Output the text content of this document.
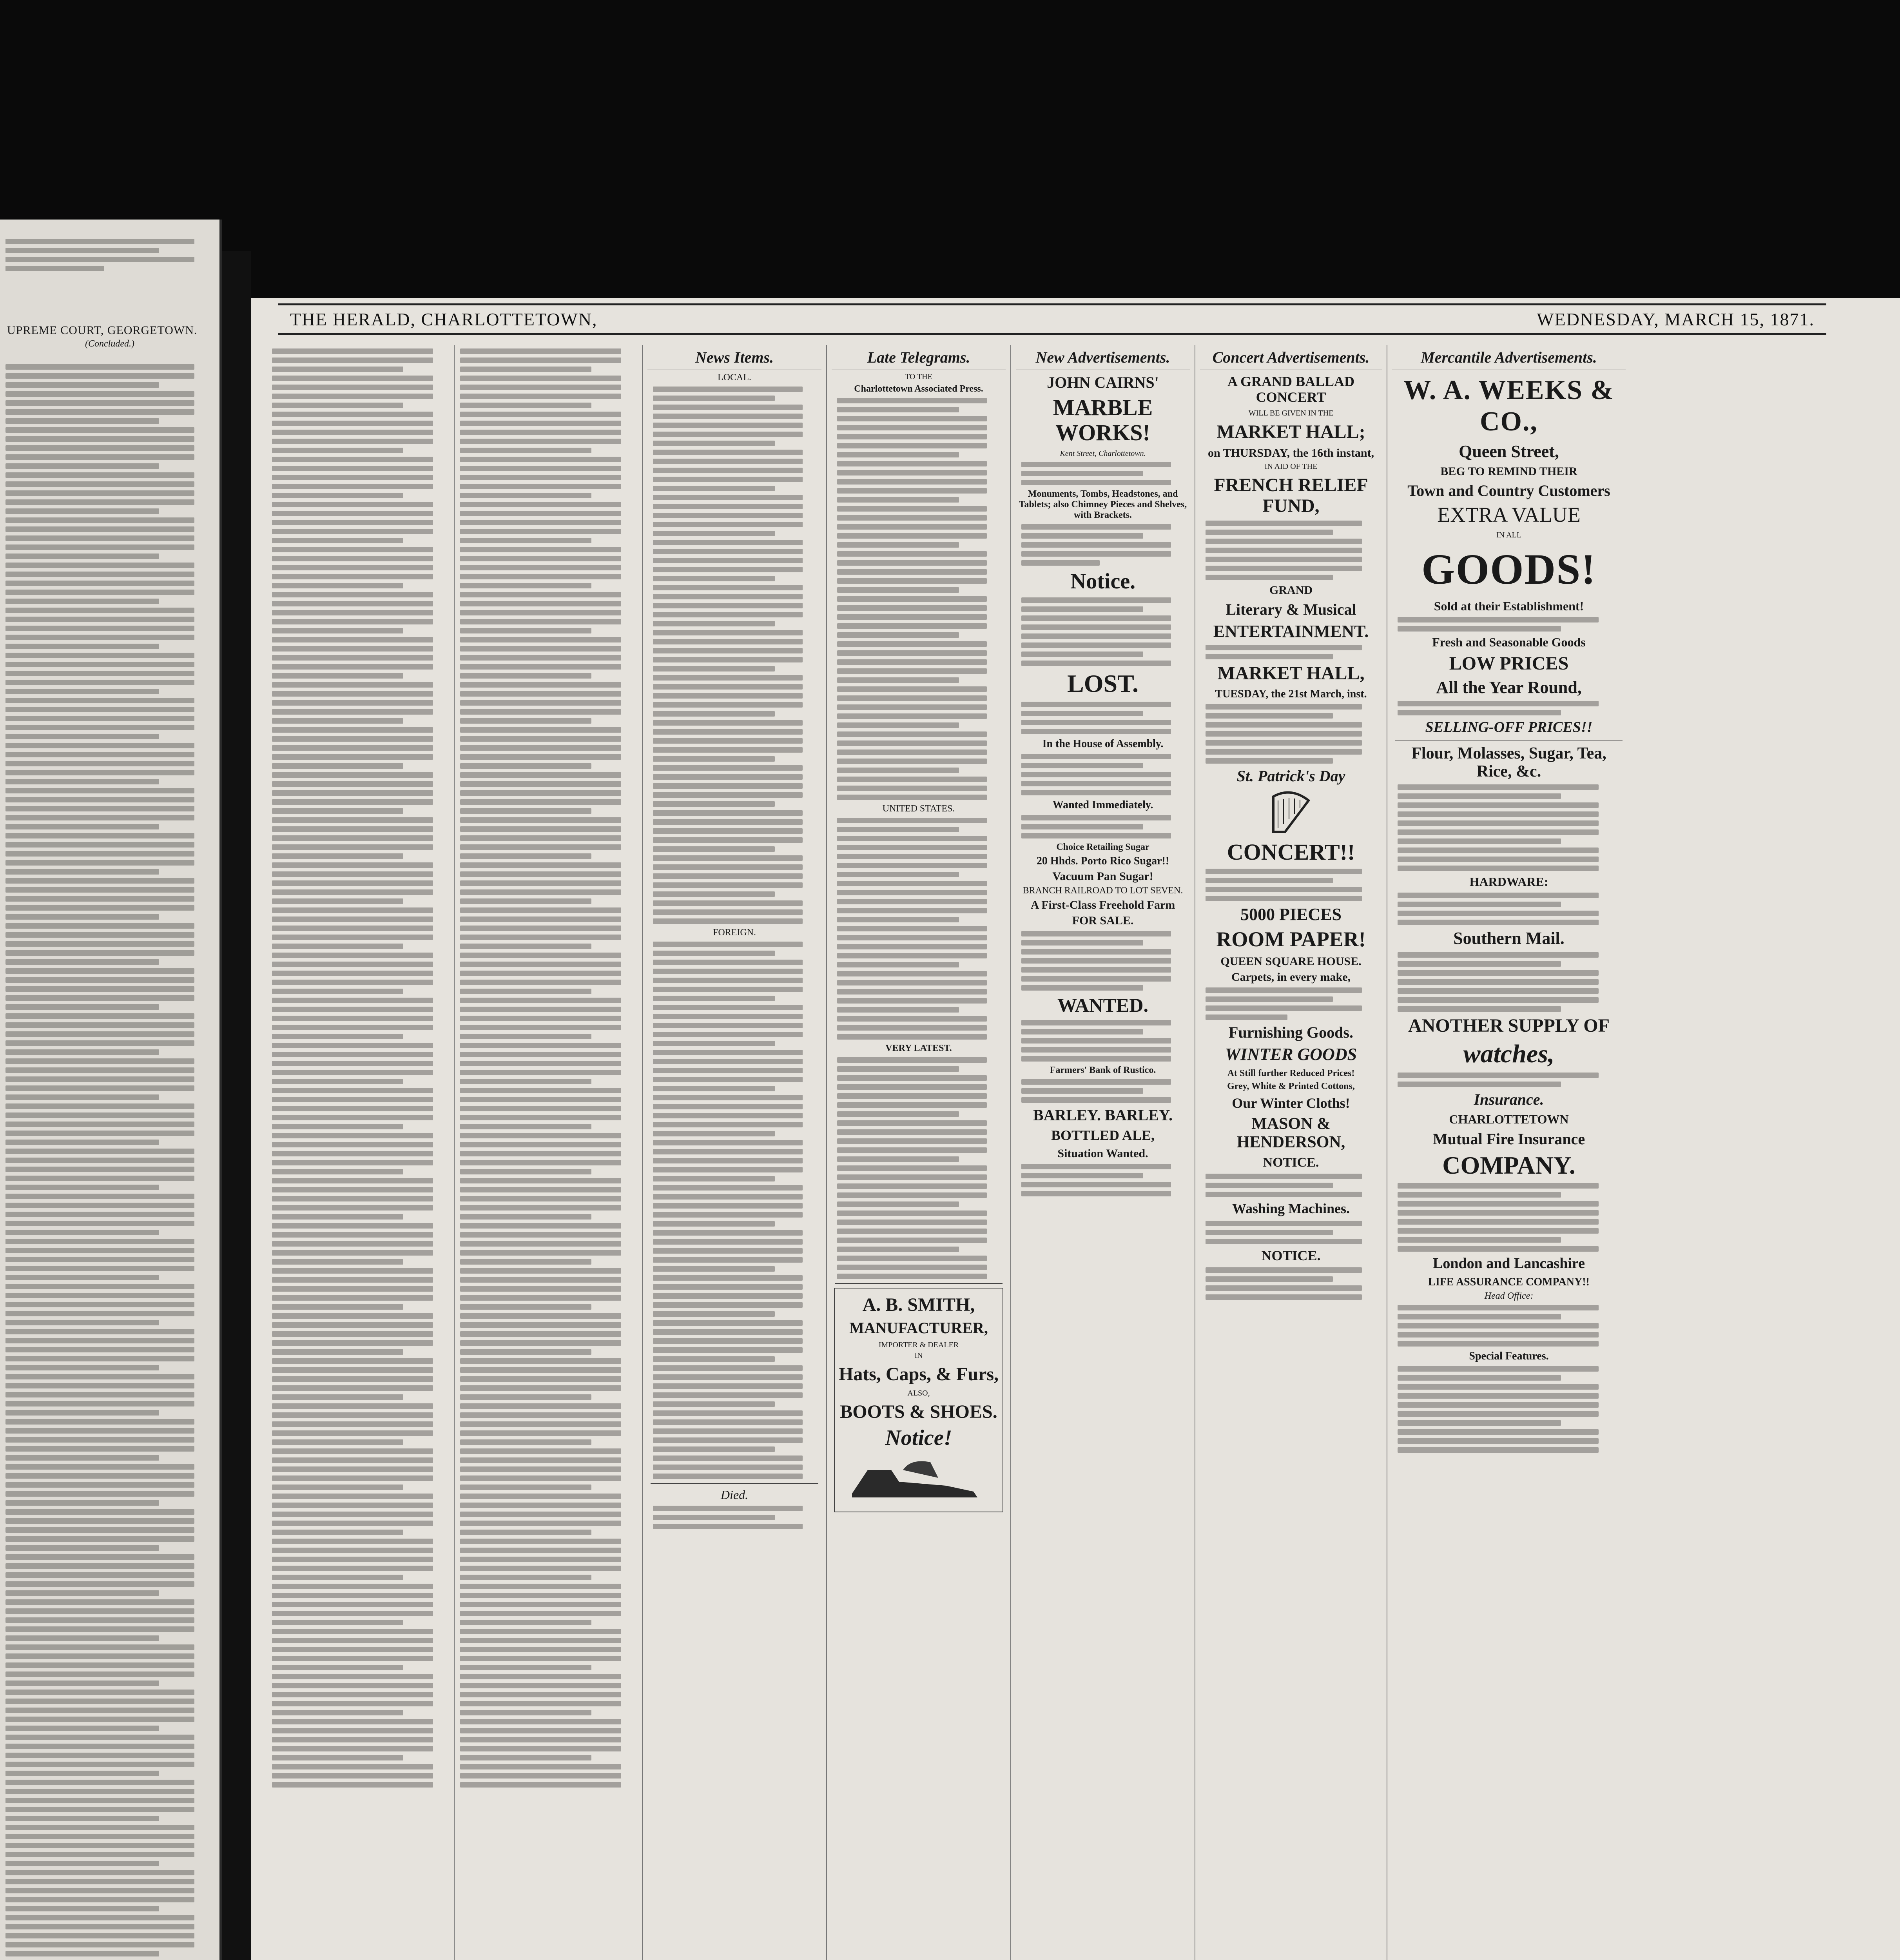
UPREME COURT, GEORGETOWN.
(Concluded.)
THE HERALD, CHARLOTTETOWN,	WEDNESDAY, MARCH 15, 1871.
News Items.
LOCAL.
FOREIGN.
Died.
Late Telegrams.
TO THE
Charlottetown Associated Press.
UNITED STATES.
VERY LATEST.
A. B. SMITH,
MANUFACTURER,
IMPORTER & DEALER
IN
Hats, Caps, & Furs,
ALSO,
BOOTS & SHOES.
Notice!
New Advertisements.
JOHN CAIRNS'
MARBLE WORKS!
Kent Street, Charlottetown.
Monuments, Tombs, Headstones, and Tablets; also Chimney Pieces and Shelves, with Brackets.
Notice.
LOST.
In the House of Assembly.
Wanted Immediately.
Choice Retailing Sugar
20 Hhds. Porto Rico Sugar!!
Vacuum Pan Sugar!
BRANCH RAILROAD TO LOT SEVEN.
A First-Class Freehold Farm
FOR SALE.
WANTED.
Farmers' Bank of Rustico.
BARLEY. BARLEY.
BOTTLED ALE,
Situation Wanted.
Concert Advertisements.
A GRAND BALLAD CONCERT
WILL BE GIVEN IN THE
MARKET HALL;
on THURSDAY, the 16th instant,
IN AID OF THE
FRENCH RELIEF FUND,
GRAND
Literary & Musical
ENTERTAINMENT.
MARKET HALL,
TUESDAY, the 21st March, inst.
St. Patrick's Day
CONCERT!!
5000 PIECES
ROOM PAPER!
QUEEN SQUARE HOUSE.
Carpets, in every make,
Furnishing Goods.
WINTER GOODS
At Still further Reduced Prices!
Grey, White & Printed Cottons,
Our Winter Cloths!
MASON & HENDERSON,
NOTICE.
Washing Machines.
NOTICE.
Mercantile Advertisements.
W. A. WEEKS & CO.,
Queen Street,
BEG TO REMIND THEIR
Town and Country Customers
EXTRA VALUE
IN ALL
GOODS!
Sold at their Establishment!
Fresh and Seasonable Goods
LOW PRICES
All the Year Round,
SELLING-OFF PRICES!!
Flour, Molasses, Sugar, Tea, Rice, &c.
HARDWARE:
Southern Mail.
ANOTHER SUPPLY OF
watches,
Insurance.
CHARLOTTETOWN
Mutual Fire Insurance
COMPANY.
London and Lancashire
LIFE ASSURANCE COMPANY!!
Head Office:
Special Features.
